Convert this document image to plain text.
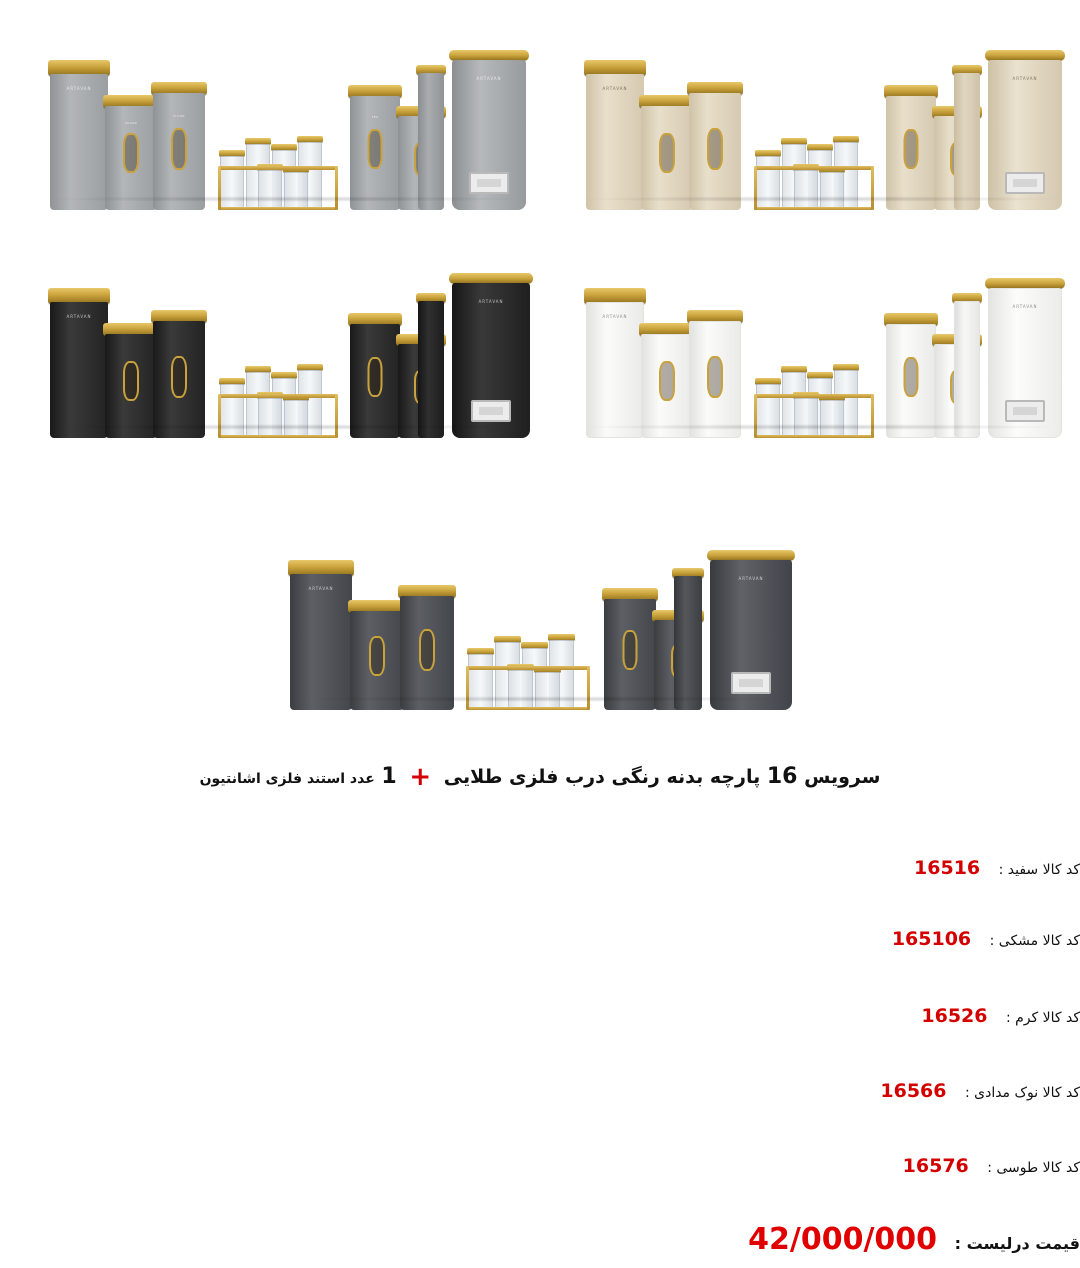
ARTAVAN
SUGAR
FLOUR	TEA
ARTAVAN
ARTAVAN
ARTAVAN
ARTAVAN
ARTAVAN
ARTAVAN
ARTAVAN
ARTAVAN
ARTAVAN
سرویس 16 پارچه بدنه رنگی درب فلزی طلایی + 1 عدد استند فلزی اشانتیون
کد کالا سفید : 16516
کد کالا مشکی : 165106
کد کالا کرم : 16526
کد کالا نوک مدادی : 16566
کد کالا طوسی : 16576
قیمت درلیست : 42/000/000
